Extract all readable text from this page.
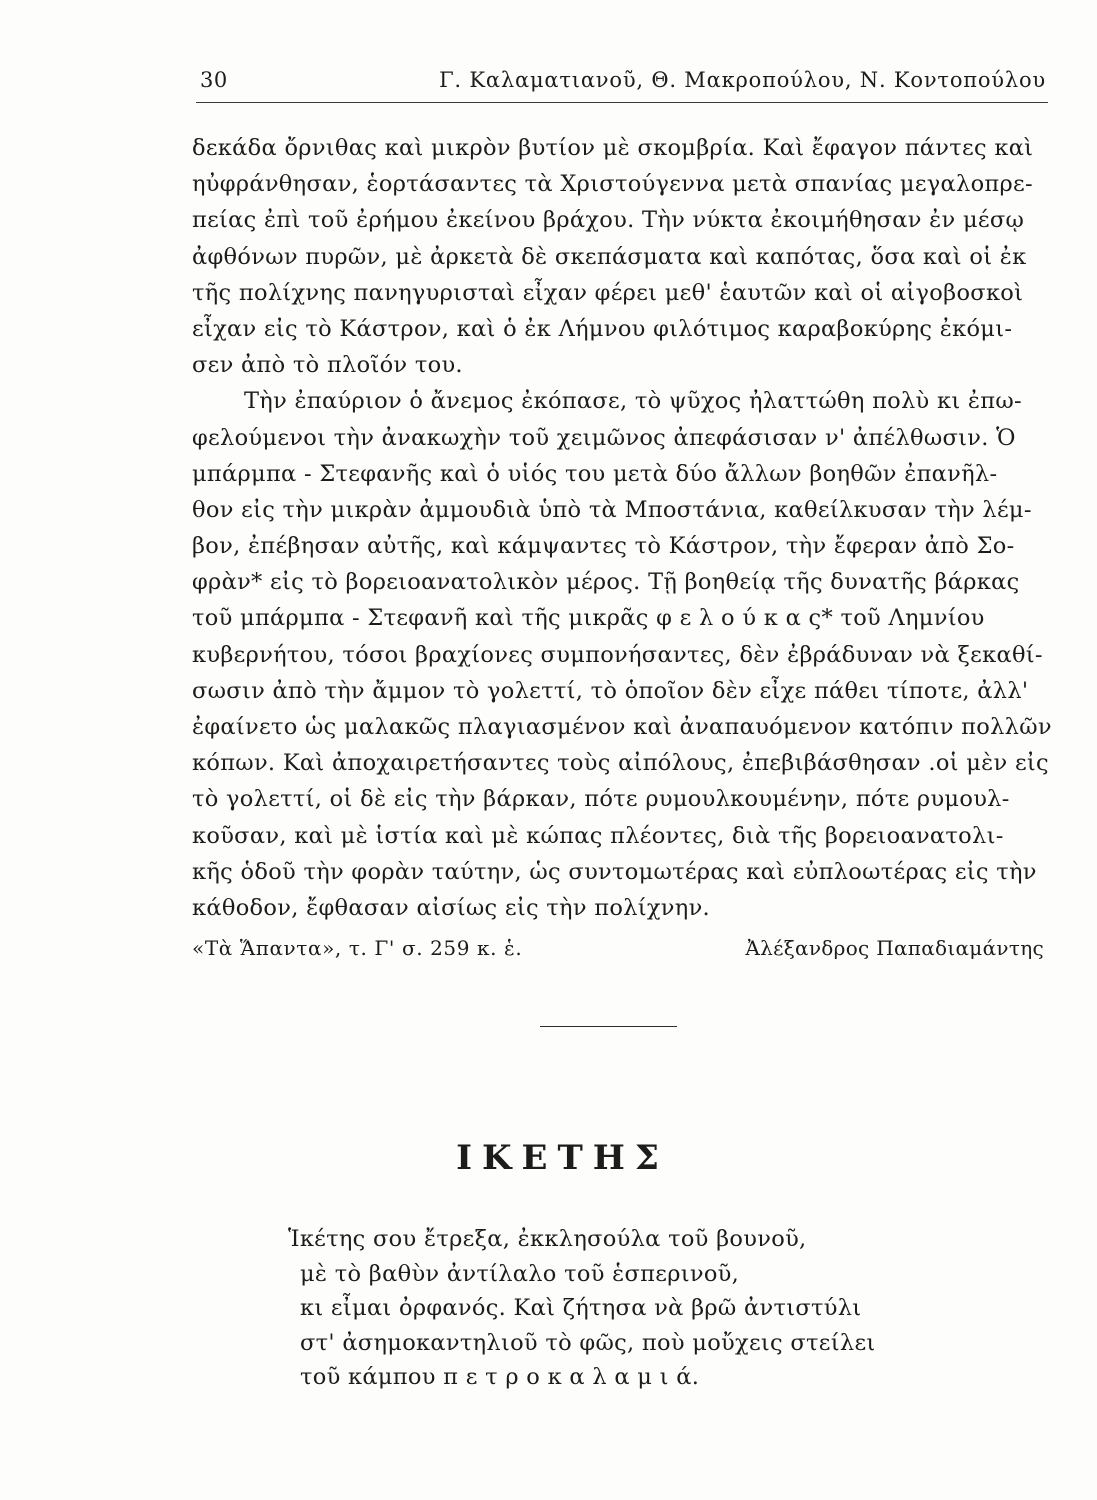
30	Γ. Καλαματιανοῦ, Θ. Μακροπούλου, Ν. Κοντοπούλου
δεκάδα ὄρνιθας καὶ μικρὸν βυτίον μὲ σκομβρία. Καὶ ἔφαγον πάντες καὶ
ηὐφράνθησαν, ἑορτάσαντες τὰ Χριστούγεννα μετὰ σπανίας μεγαλοπρε-
πείας ἐπὶ τοῦ ἐρήμου ἐκείνου βράχου. Τὴν νύκτα ἐκοιμήθησαν ἐν μέσῳ
ἀφθόνων πυρῶν, μὲ ἀρκετὰ δὲ σκεπάσματα καὶ καπότας, ὅσα καὶ οἱ ἐκ
τῆς πολίχνης πανηγυρισταὶ εἶχαν φέρει μεθ' ἑαυτῶν καὶ οἱ αἰγοβοσκοὶ
εἶχαν εἰς τὸ Κάστρον, καὶ ὁ ἐκ Λήμνου φιλότιμος καραβοκύρης ἐκόμι-
σεν ἀπὸ τὸ πλοῖόν του.
Τὴν ἐπαύριον ὁ ἄνεμος ἐκόπασε, τὸ ψῦχος ἠλαττώθη πολὺ κι ἐπω-
φελούμενοι τὴν ἀνακωχὴν τοῦ χειμῶνος ἀπεφάσισαν ν' ἀπέλθωσιν. Ὁ
μπάρμπα - Στεφανῆς καὶ ὁ υἱός του μετὰ δύο ἄλλων βοηθῶν ἐπανῆλ-
θον εἰς τὴν μικρὰν ἀμμουδιὰ ὑπὸ τὰ Μποστάνια, καθείλκυσαν τὴν λέμ-
βον, ἐπέβησαν αὐτῆς, καὶ κάμψαντες τὸ Κάστρον, τὴν ἔφεραν ἀπὸ Σο-
φρὰν* εἰς τὸ βορειοανατολικὸν μέρος. Τῇ βοηθείᾳ τῆς δυνατῆς βάρκας
τοῦ μπάρμπα - Στεφανῆ καὶ τῆς μικρᾶς φ ε λ ο ύ κ α ς* τοῦ Λημνίου
κυβερνήτου, τόσοι βραχίονες συμπονήσαντες, δὲν ἐβράδυναν νὰ ξεκαθί-
σωσιν ἀπὸ τὴν ἄμμον τὸ γολεττί, τὸ ὁποῖον δὲν εἶχε πάθει τίποτε, ἀλλ'
ἐφαίνετο ὡς μαλακῶς πλαγιασμένον καὶ ἀναπαυόμενον κατόπιν πολλῶν
κόπων. Καὶ ἀποχαιρετήσαντες τοὺς αἰπόλους, ἐπεβιβάσθησαν .οἱ μὲν εἰς
τὸ γολεττί, οἱ δὲ εἰς τὴν βάρκαν, πότε ρυμουλκουμένην, πότε ρυμουλ-
κοῦσαν, καὶ μὲ ἱστία καὶ μὲ κώπας πλέοντες, διὰ τῆς βορειοανατολι-
κῆς ὁδοῦ τὴν φορὰν ταύτην, ὡς συντομωτέρας καὶ εὐπλοωτέρας εἰς τὴν
κάθοδον, ἔφθασαν αἰσίως εἰς τὴν πολίχνην.
«Τὰ Ἅπαντα», τ. Γ' σ. 259 κ. ἑ.	Ἀλέξανδρος Παπαδιαμάντης
ΙΚΕΤΗΣ
Ἱκέτης σου ἔτρεξα, ἐκκλησούλα τοῦ βουνοῦ,
μὲ τὸ βαθὺν ἀντίλαλο τοῦ ἑσπερινοῦ,
κι εἶμαι ὀρφανός. Καὶ ζήτησα νὰ βρῶ ἀντιστύλι
στ' ἀσημοκαντηλιοῦ τὸ φῶς, ποὺ μοὔχεις στείλει
τοῦ κάμπου π ε τ ρ ο κ α λ α μ ι ά.
